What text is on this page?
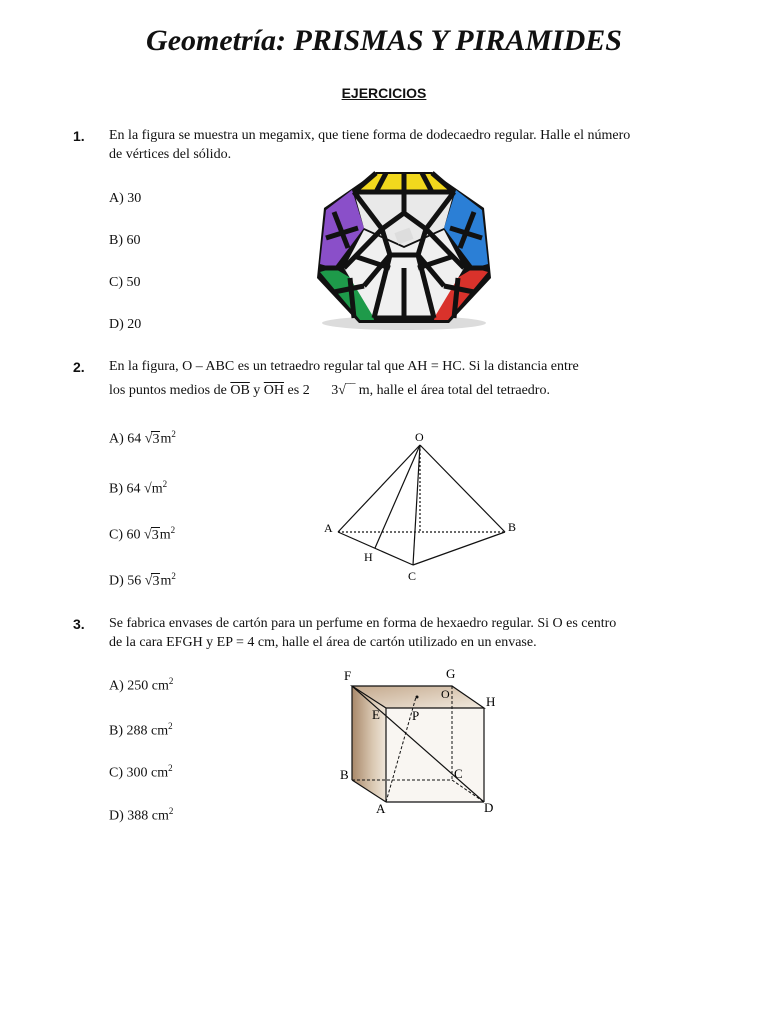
Geometría: PRISMAS Y PIRAMIDES
EJERCICIOS
1. En la figura se muestra un megamix, que tiene forma de dodecaedro regular. Halle el número
de vértices del sólido.
A) 30
B) 60
C) 50
D) 20
2. En la figura, O – ABC es un tetraedro regular tal que AH = HC. Si la distancia entre
los puntos medios de $\overline{OB}$ y $\overline{OH}$ es 2 3√‾‾ m, halle el área total del tetraedro.
A) 64 $√3m^2$
B) 64 $√m^2$
C) 60 $√3m^2$
D) 56 $√3m^2$
O
A	B
H
C
3. Se fabrica envases de cartón para un perfume en forma de hexaedro regular. Si O es centro
de la cara EFGH y EP = 4 cm, halle el área de cartón utilizado en un envase.
A) 250 $cm^2$
B) 288 $cm^2$
C) 300 $cm^2$
D) 388 $cm^2$
F	G
O	H
E P
B	C
A	D
